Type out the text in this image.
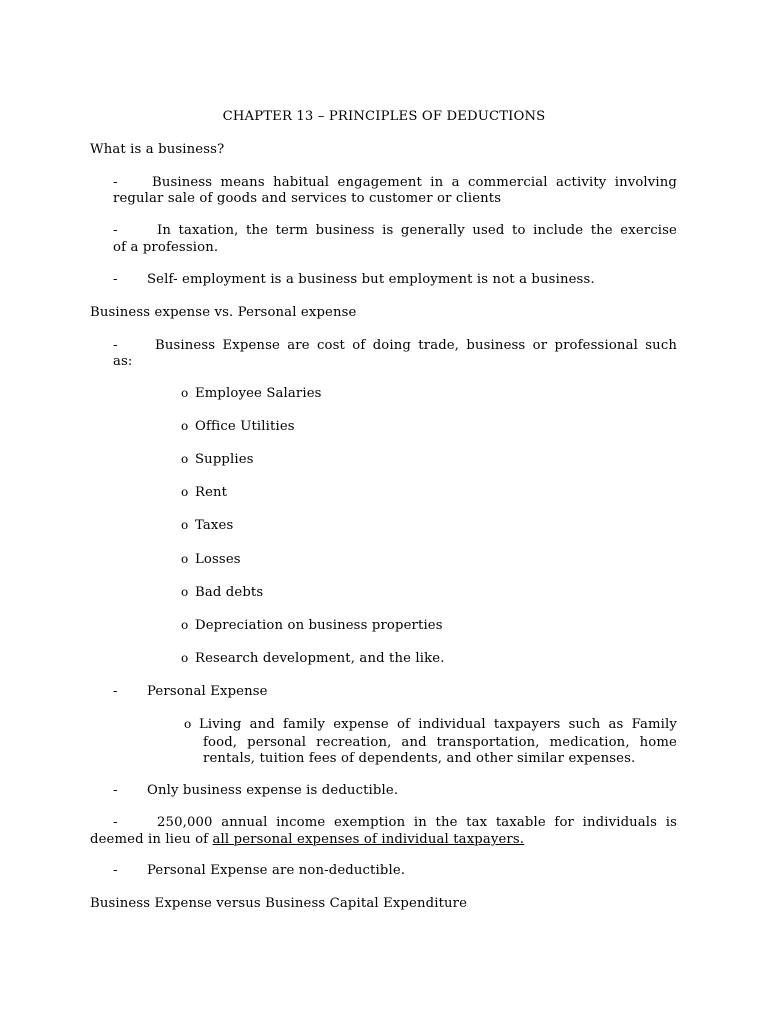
CHAPTER 13 – PRINCIPLES OF DEDUCTIONS
What is a business?
-	Business means habitual engagement in a commercial activity involving
regular sale of goods and services to customer or clients
-	In taxation, the term business is generally used to include the exercise
of a profession.
- Self- employment is a business but employment is not a business.
Business expense vs. Personal expense
-	Business Expense are cost of doing trade, business or professional such
as:
o Employee Salaries
o Office Utilities
o Supplies
o Rent
o Taxes
o Losses
o Bad debts
o Depreciation on business properties
o Research development, and the like.
- Personal Expense
o Living and family expense of individual taxpayers such as Family
food, personal recreation, and transportation, medication, home
rentals, tuition fees of dependents, and other similar expenses.
- Only business expense is deductible.
-	250,000 annual income exemption in the tax taxable for individuals is
deemed in lieu of all personal expenses of individual taxpayers.
- Personal Expense are non-deductible.
Business Expense versus Business Capital Expenditure
